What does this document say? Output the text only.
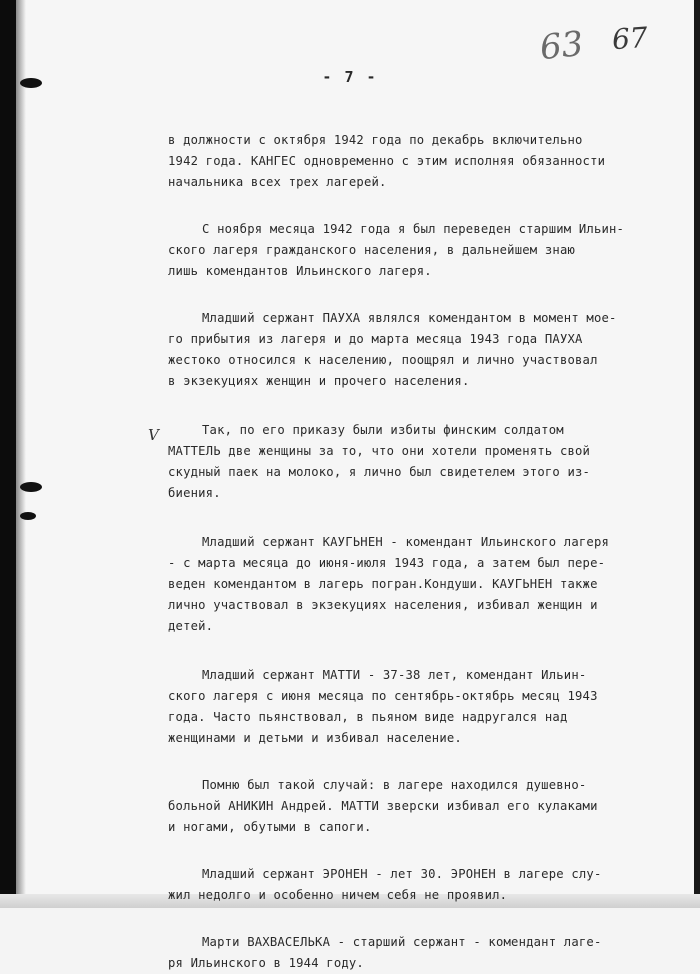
63 67
- 7 -
V
в должности с октября 1942 года по декабрь включительно
1942 года. КАНГЕС одновременно с этим исполняя обязанности
начальника всех трех лагерей.
С ноября месяца 1942 года я был переведен старшим Ильин-
ского лагеря гражданского населения, в дальнейшем знаю
лишь комендантов Ильинского лагеря.
Младший сержант ПАУХА являлся комендантом в момент мое-
го прибытия из лагеря и до марта месяца 1943 года ПАУХА
жестоко относился к населению, поощрял и лично участвовал
в экзекуциях женщин и прочего населения.
Так, по его приказу были избиты финским солдатом
МАТТЕЛЬ две женщины за то, что они хотели променять свой
скудный паек на молоко, я лично был свидетелем этого из-
биения.
Младший сержант КАУГЬНЕН - комендант Ильинского лагеря
- с марта месяца до июня-июля 1943 года, а затем был пере-
веден комендантом в лагерь погран.Кондуши. КАУГЬНЕН также
лично участвовал в экзекуциях населения, избивал женщин и
детей.
Младший сержант МАТТИ - 37-38 лет, комендант Ильин-
ского лагеря с июня месяца по сентябрь-октябрь месяц 1943
года. Часто пьянствовал, в пьяном виде надругался над
женщинами и детьми и избивал население.
Помню был такой случай: в лагере находился душевно-
больной АНИКИН Андрей. МАТТИ зверски избивал его кулаками
и ногами, обутыми в сапоги.
Младший сержант ЭРОНЕН - лет 30. ЭРОНЕН в лагере слу-
жил недолго и особенно ничем себя не проявил.
Марти ВАХВАСЕЛЬКА - старший сержант - комендант лаге-
ря Ильинского в 1944 году.
